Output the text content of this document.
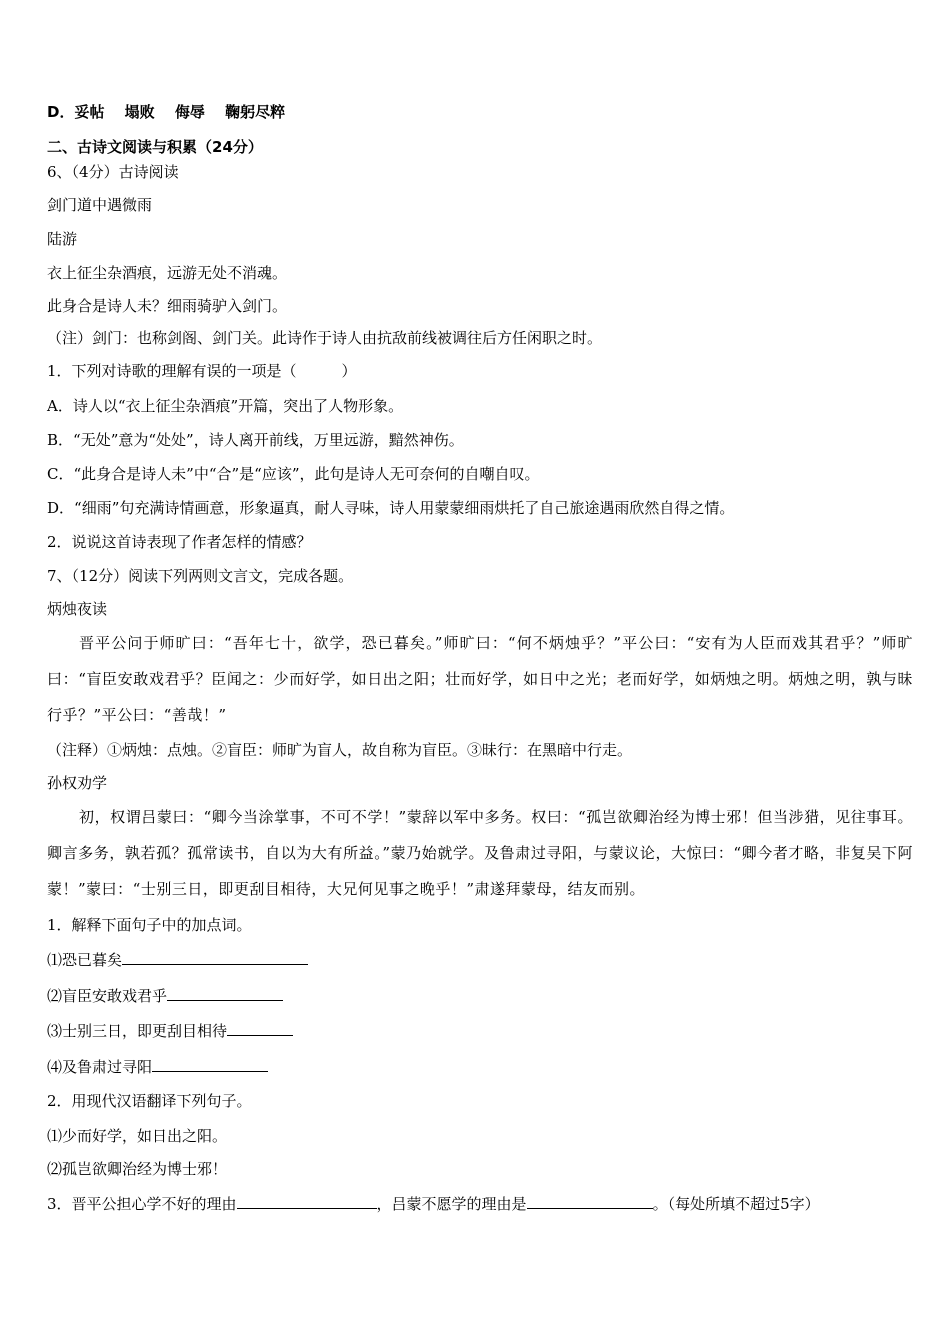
D．妥帖　 塌败　 侮辱　 鞠躬尽粹
二、古诗文阅读与积累（24分）
6、（4分）古诗阅读
剑门道中遇微雨
陆游
衣上征尘杂酒痕，远游无处不消魂。
此身合是诗人未？细雨骑驴入剑门。
（注）剑门：也称剑阁、剑门关。此诗作于诗人由抗敌前线被调往后方任闲职之时。
1．下列对诗歌的理解有误的一项是（　　　）
A．诗人以“衣上征尘杂酒痕”开篇，突出了人物形象。
B．“无处”意为“处处”，诗人离开前线，万里远游，黯然神伤。
C．“此身合是诗人未”中“合”是“应该”，此句是诗人无可奈何的自嘲自叹。
D．“细雨”句充满诗情画意，形象逼真，耐人寻味，诗人用蒙蒙细雨烘托了自己旅途遇雨欣然自得之情。
2．说说这首诗表现了作者怎样的情感？
7、（12分）阅读下列两则文言文，完成各题。
炳烛夜读
晋平公问于师旷曰：“吾年七十，欲学，恐已暮矣。”师旷曰：“何不炳烛乎？”平公曰：“安有为人臣而戏其君乎？”师旷曰：“盲臣安敢戏君乎？臣闻之：少而好学，如日出之阳；壮而好学，如日中之光；老而好学，如炳烛之明。炳烛之明，孰与昧行乎？”平公曰：“善哉！”
（注释）①炳烛：点烛。②盲臣：师旷为盲人，故自称为盲臣。③昧行：在黑暗中行走。
孙权劝学
初，权谓吕蒙曰：“卿今当涂掌事，不可不学！”蒙辞以军中多务。权曰：“孤岂欲卿治经为博士邪！但当涉猎，见往事耳。卿言多务，孰若孤？孤常读书，自以为大有所益。”蒙乃始就学。及鲁肃过寻阳，与蒙议论，大惊曰：“卿今者才略，非复吴下阿蒙！”蒙曰：“士别三日，即更刮目相待，大兄何见事之晚乎！”肃遂拜蒙母，结友而别。
1．解释下面句子中的加点词。
⑴恐已暮矣
⑵盲臣安敢戏君乎
⑶士别三日，即更刮目相待
⑷及鲁肃过寻阳
2．用现代汉语翻译下列句子。
⑴少而好学，如日出之阳。
⑵孤岂欲卿治经为博士邪！
3．晋平公担心学不好的理由	，吕蒙不愿学的理由是	。（每处所填不超过5字）
